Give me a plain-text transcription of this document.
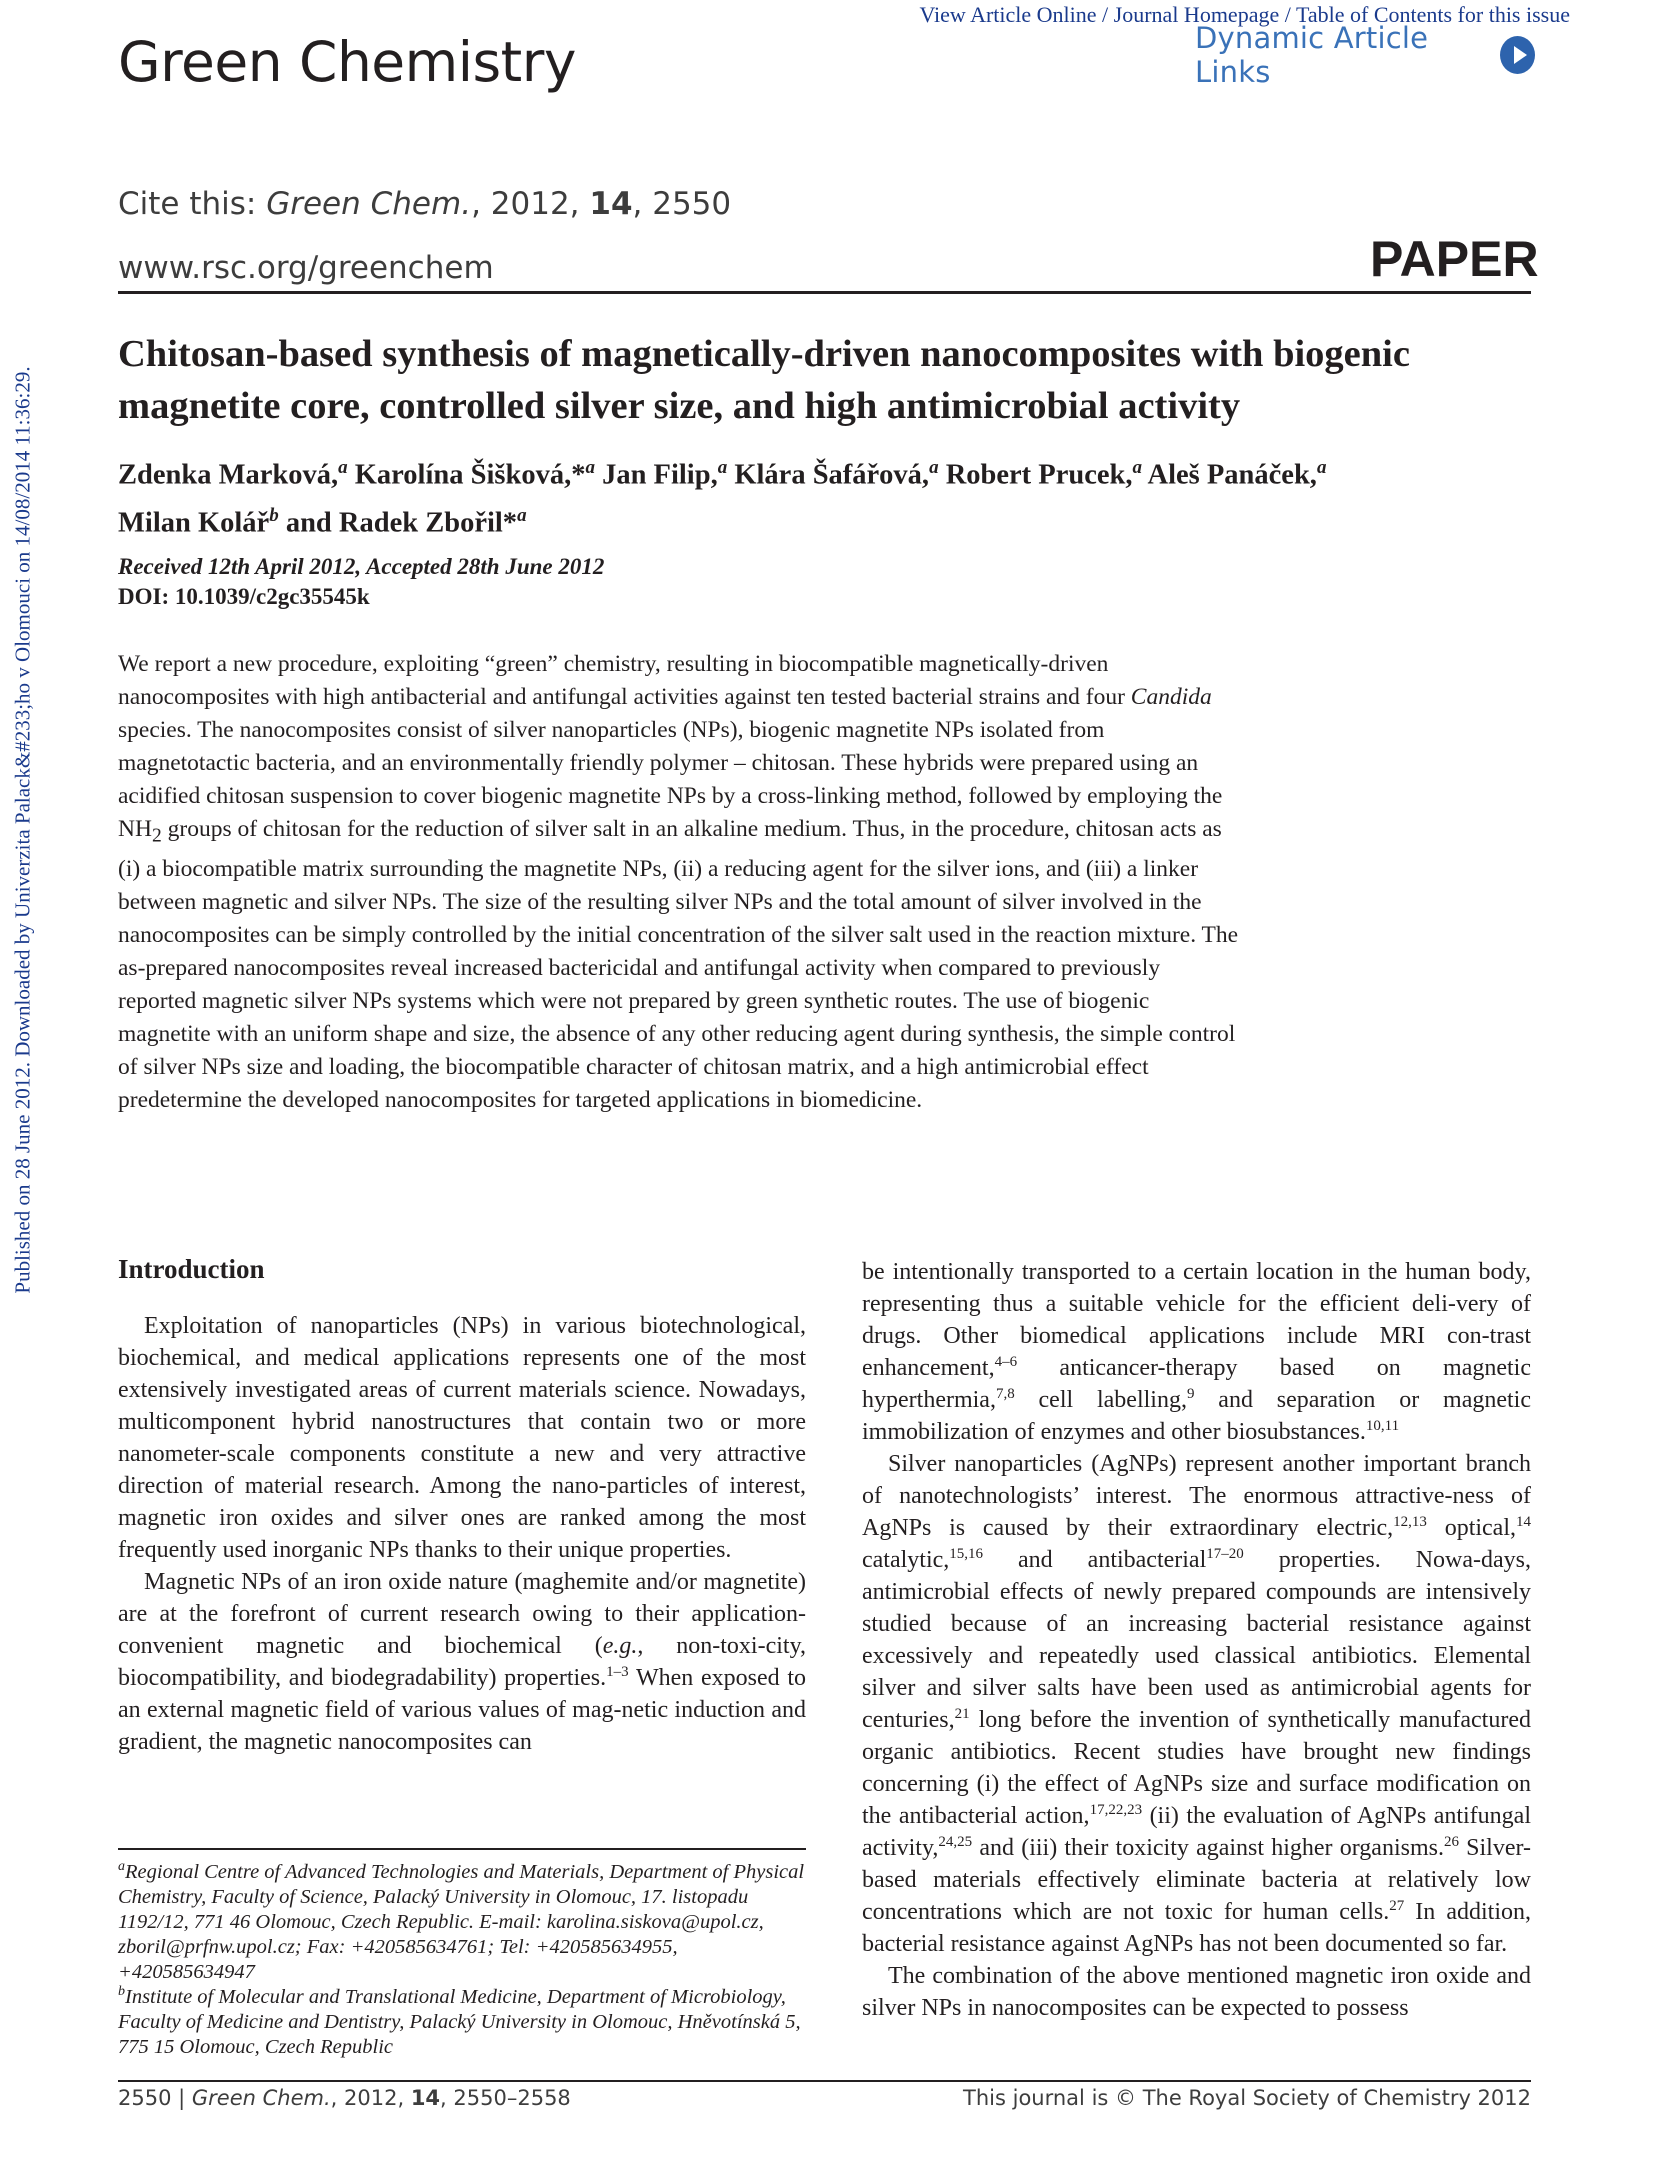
View Article Online / Journal Homepage / Table of Contents for this issue
Dynamic Article Links
Green Chemistry
Cite this: Green Chem., 2012, 14, 2550
www.rsc.org/greenchem	PAPER
Published on 28 June 2012. Downloaded by Univerzita Palack&#233;ho v Olomouci on 14/08/2014 11:36:29.
Chitosan-based synthesis of magnetically-driven nanocomposites with biogenic magnetite core, controlled silver size, and high antimicrobial activity
Zdenka Marková,$^a$ Karolína Šišková,*$^a$ Jan Filip,$^a$ Klára Šafářová,$^a$ Robert Prucek,$^a$ Aleš Panáček,$^a$
Milan Kolář$^b$ and Radek Zbořil*$^a$
Received 12th April 2012, Accepted 28th June 2012
DOI: 10.1039/c2gc35545k
We report a new procedure, exploiting “green” chemistry, resulting in biocompatible magnetically-driven nanocomposites with high antibacterial and antifungal activities against ten tested bacterial strains and four Candida species. The nanocomposites consist of silver nanoparticles (NPs), biogenic magnetite NPs isolated from magnetotactic bacteria, and an environmentally friendly polymer – chitosan. These hybrids were prepared using an acidified chitosan suspension to cover biogenic magnetite NPs by a cross-linking method, followed by employing the $NH_2$ groups of chitosan for the reduction of silver salt in an alkaline medium. Thus, in the procedure, chitosan acts as (i) a biocompatible matrix surrounding the magnetite NPs, (ii) a reducing agent for the silver ions, and (iii) a linker between magnetic and silver NPs. The size of the resulting silver NPs and the total amount of silver involved in the nanocomposites can be simply controlled by the initial concentration of the silver salt used in the reaction mixture. The as-prepared nanocomposites reveal increased bactericidal and antifungal activity when compared to previously reported magnetic silver NPs systems which were not prepared by green synthetic routes. The use of biogenic magnetite with an uniform shape and size, the absence of any other reducing agent during synthesis, the simple control of silver NPs size and loading, the biocompatible character of chitosan matrix, and a high antimicrobial effect predetermine the developed nanocomposites for targeted applications in biomedicine.
Introduction

Exploitation of nanoparticles (NPs) in various biotechnological, biochemical, and medical applications represents one of the most extensively investigated areas of current materials science. Nowadays, multicomponent hybrid nanostructures that contain two or more nanometer-scale components constitute a new and very attractive direction of material research. Among the nano-particles of interest, magnetic iron oxides and silver ones are ranked among the most frequently used inorganic NPs thanks to their unique properties.

Magnetic NPs of an iron oxide nature (maghemite and/or magnetite) are at the forefront of current research owing to their application-convenient magnetic and biochemical (e.g., non-toxi-city, biocompatibility, and biodegradability) properties.$^{1-3}$ When exposed to an external magnetic field of various values of mag-netic induction and gradient, the magnetic nanocomposites can

be intentionally transported to a certain location in the human body, representing thus a suitable vehicle for the efficient deli-very of drugs. Other biomedical applications include MRI con-trast enhancement,$^{4-6}$ anticancer-therapy based on magnetic hyperthermia,$^{7,8}$ cell labelling,$^9$ and separation or magnetic immobilization of enzymes and other biosubstances.$^{10,11}$

Silver nanoparticles (AgNPs) represent another important branch of nanotechnologists’ interest. The enormous attractive-ness of AgNPs is caused by their extraordinary electric,$^{12,13}$ optical,$^{14}$ catalytic,$^{15,16}$ and antibacterial$^{17-20}$ properties. Nowa-days, antimicrobial effects of newly prepared compounds are intensively studied because of an increasing bacterial resistance against excessively and repeatedly used classical antibiotics. Elemental silver and silver salts have been used as antimicrobial agents for centuries,$^{21}$ long before the invention of synthetically manufactured organic antibiotics. Recent studies have brought new findings concerning (i) the effect of AgNPs size and surface modification on the antibacterial action,$^{17,22,23}$ (ii) the evaluation of AgNPs antifungal activity,$^{24,25}$ and (iii) their toxicity against higher organisms.$^{26}$ Silver-based materials effectively eliminate bacteria at relatively low concentrations which are not toxic for human cells.$^{27}$ In addition, bacterial resistance against AgNPs has not been documented so far.

The combination of the above mentioned magnetic iron oxide and silver NPs in nanocomposites can be expected to possess

$^a$Regional Centre of Advanced Technologies and Materials, Department of Physical Chemistry, Faculty of Science, Palacký University in Olomouc, 17. listopadu 1192/12, 771 46 Olomouc, Czech Republic. E-mail: karolina.siskova@upol.cz, zboril@prfnw.upol.cz; Fax: +420585634761; Tel: +420585634955, +420585634947
$^b$Institute of Molecular and Translational Medicine, Department of Microbiology, Faculty of Medicine and Dentistry, Palacký University in Olomouc, Hněvotínská 5, 775 15 Olomouc, Czech Republic
2550 | Green Chem., 2012, 14, 2550–2558	This journal is © The Royal Society of Chemistry 2012
